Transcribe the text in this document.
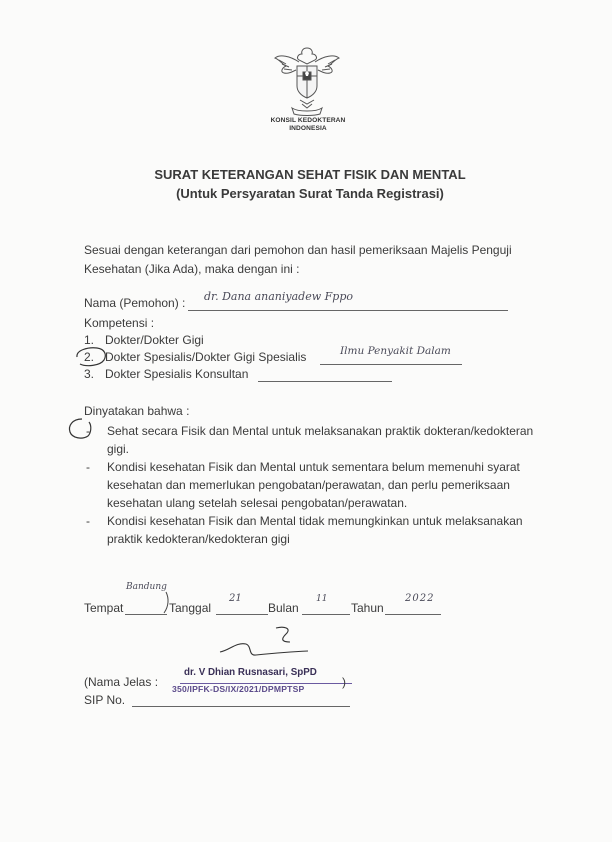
KONSIL KEDOKTERAN
INDONESIA
SURAT KETERANGAN SEHAT FISIK DAN MENTAL
(Untuk Persyaratan Surat Tanda Registrasi)
Sesuai dengan keterangan dari pemohon dan hasil pemeriksaan Majelis Penguji
Kesehatan (Jika Ada), maka dengan ini :
Nama (Pemohon) : dr. Dana ananiyadew Fppo
Kompetensi :
1. Dokter/Dokter Gigi
2. Dokter Spesialis/Dokter Gigi Spesialis	Ilmu Penyakit Dalam
3. Dokter Spesialis Konsultan
Dinyatakan bahwa :
- Sehat secara Fisik dan Mental untuk melaksanakan praktik dokteran/kedokteran
gigi.
- Kondisi kesehatan Fisik dan Mental untuk sementara belum memenuhi syarat
kesehatan dan memerlukan pengobatan/perawatan, dan perlu pemeriksaan
kesehatan ulang setelah selesai pengobatan/perawatan.
- Kondisi kesehatan Fisik dan Mental tidak memungkinkan untuk melaksanakan
praktik kedokteran/kedokteran gigi
Tempat
Bandung
Tanggal
21
Bulan
11
Tahun
2022
dr. V Dhian Rusnasari, SpPD
350/IPFK-DS/IX/2021/DPMPTSP
(Nama Jelas :	)
SIP No.
